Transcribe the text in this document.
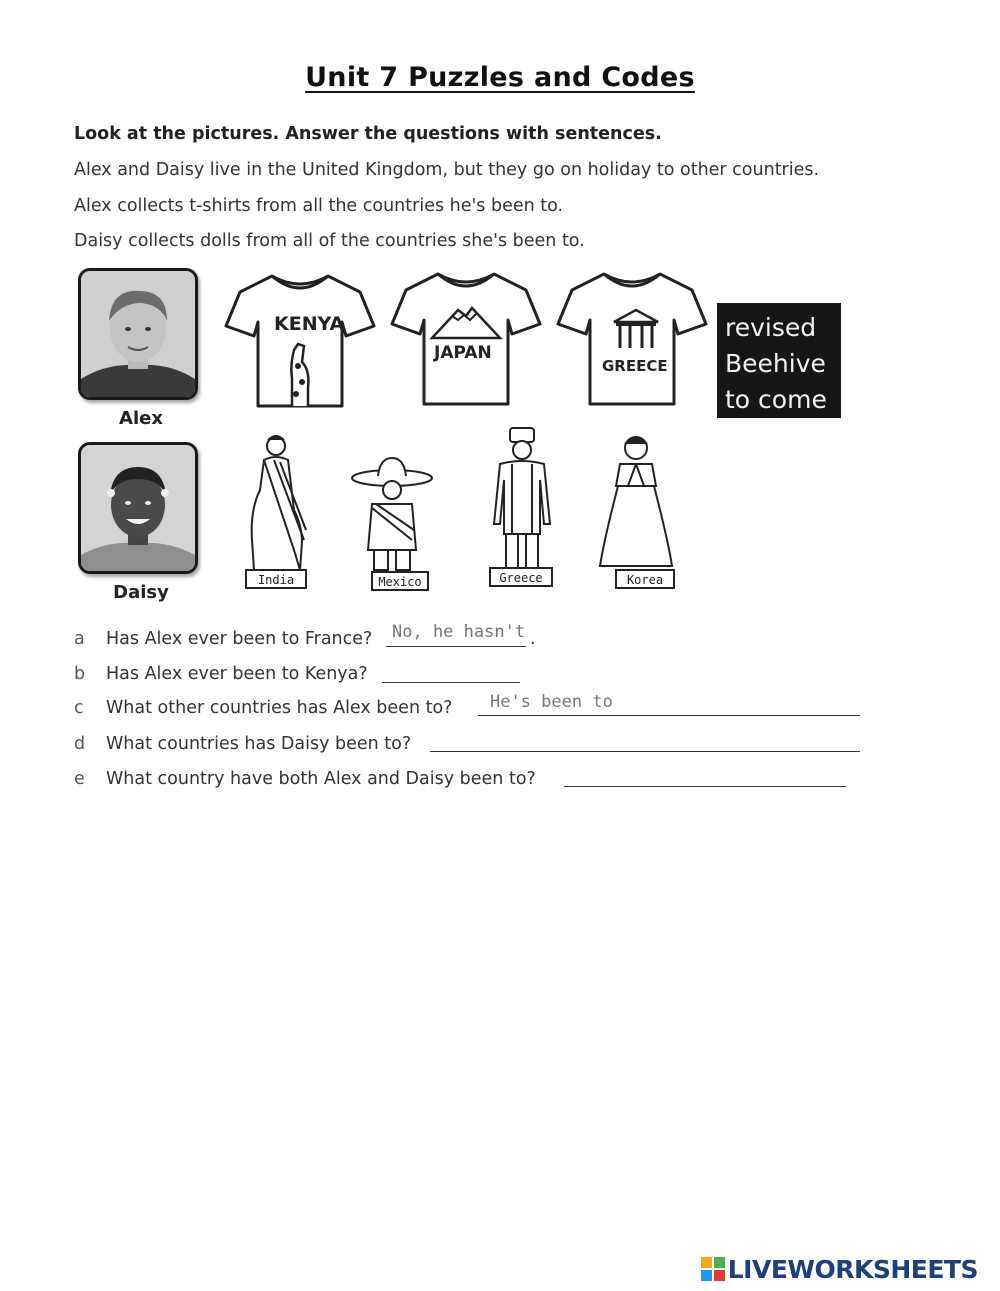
Unit 7 Puzzles and Codes
Look at the pictures. Answer the questions with sentences.
Alex and Daisy live in the United Kingdom, but they go on holiday to other countries.
Alex collects t-shirts from all the countries he's been to.
Daisy collects dolls from all of the countries she's been to.
Alex
KENYA
JAPAN
GREECE
revised
Beehive
to come
Daisy
India	Mexico	Greece	Korea
a Has Alex ever been to France? No, he hasn't .
b Has Alex ever been to Kenya?
c What other countries has Alex been to? He's been to
d What countries has Daisy been to?
e What country have both Alex and Daisy been to?
LIVEWORKSHEETS
